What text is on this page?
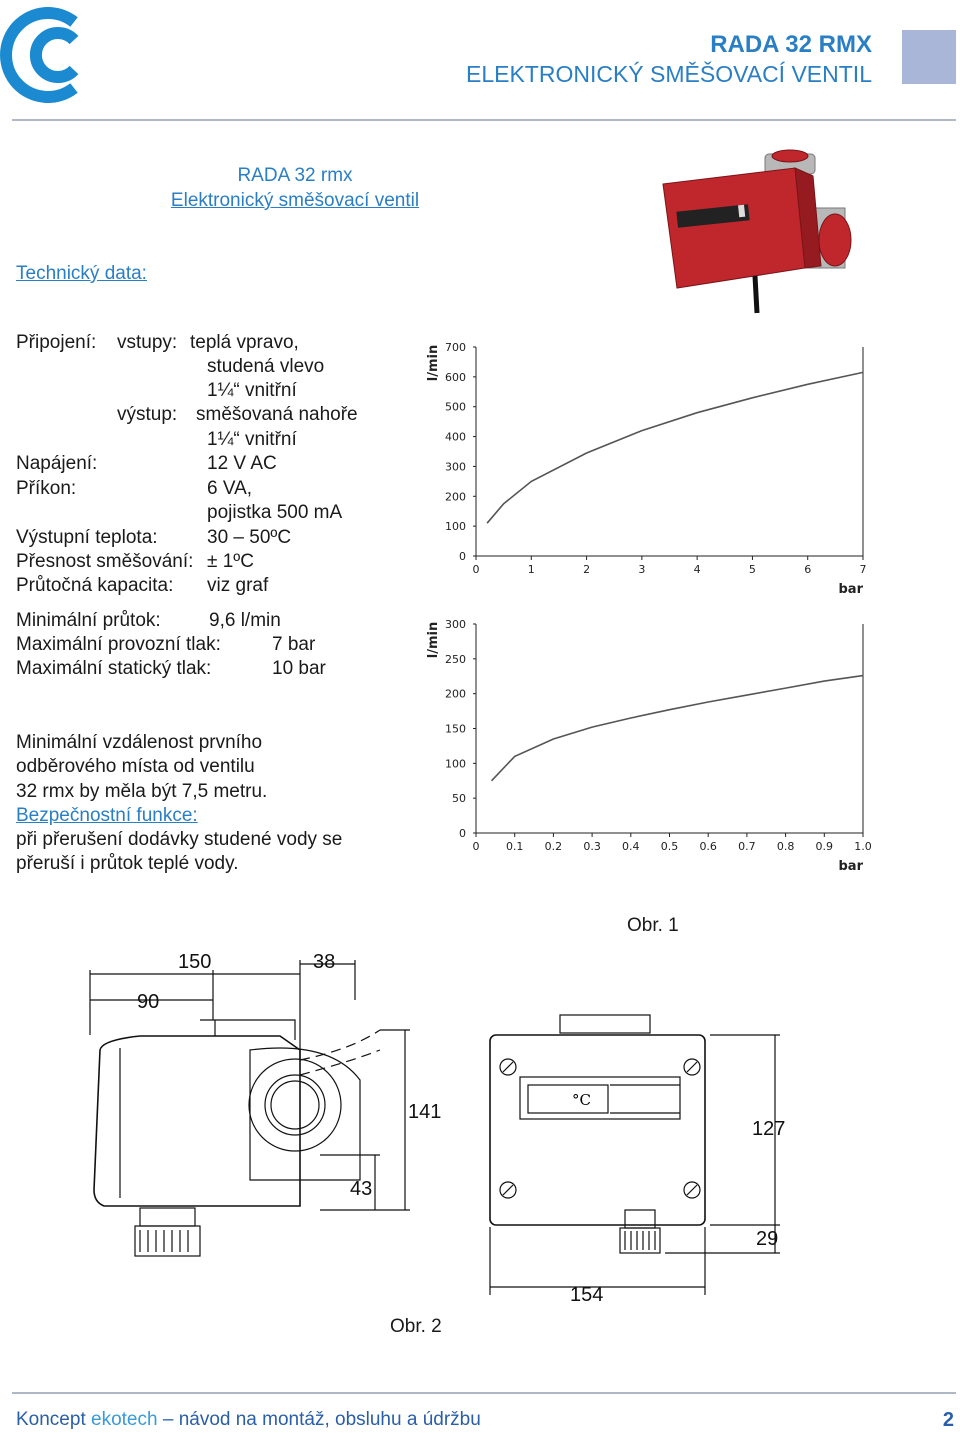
RADA 32 RMX
ELEKTRONICKÝ SMĚŠOVACÍ VENTIL
RADA 32 rmx
Elektronický směšovací ventil
Technický data:
Připojení: vstupy: teplá vpravo,
studená vlevo
1¼“ vnitřní
výstup: směšovaná nahoře
1¼“ vnitřní
Napájení:	12 V AC
Příkon:	6 VA,
pojistka 500 mA
Výstupní teplota:	30 – 50ºC
Přesnost směšování: ± 1ºC
Průtočná kapacita: viz graf
Minimální průtok:	9,6 l/min
Maximální provozní tlak:	7 bar
Maximální statický tlak:	10 bar
Minimální vzdálenost prvního
odběrového místa od ventilu
32 rmx by měla být 7,5 metru.
Bezpečnostní funkce:
při přerušení dodávky studené vody se
přeruší i průtok teplé vody.
0	1	2	3	4	5	6	7
0
100
200
300
400
500
600
700
l/min
bar
0 0.1 0.2 0.3 0.4 0.5 0.6 0.7 0.8 0.9 1.0
0
50
100
150
200
250
300
l/min
bar
Obr. 1
Obr. 2
150	38
90
141
43
°C
127
29
154
Koncept ekotech – návod na montáž, obsluhu a údržbu	2
